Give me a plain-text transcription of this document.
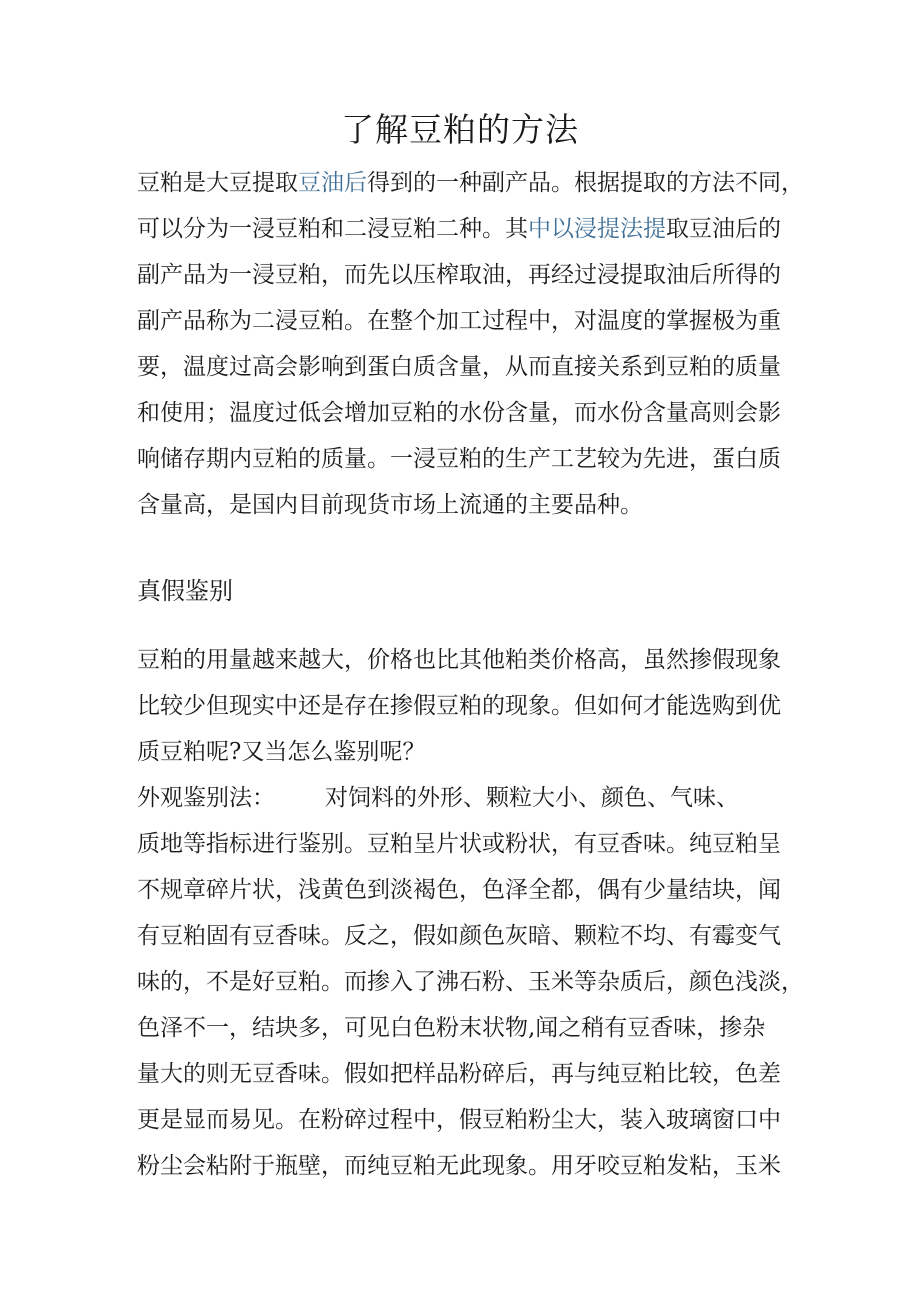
了解豆粕的方法
豆粕是大豆提取豆油后得到的一种副产品。根据提取的方法不同，
可以分为一浸豆粕和二浸豆粕二种。其中以浸提法提取豆油后的
副产品为一浸豆粕，而先以压榨取油，再经过浸提取油后所得的
副产品称为二浸豆粕。在整个加工过程中，对温度的掌握极为重
要，温度过高会影响到蛋白质含量，从而直接关系到豆粕的质量
和使用；温度过低会增加豆粕的水份含量，而水份含量高则会影
响储存期内豆粕的质量。一浸豆粕的生产工艺较为先进，蛋白质
含量高，是国内目前现货市场上流通的主要品种。
真假鉴别
豆粕的用量越来越大，价格也比其他粕类价格高，虽然掺假现象
比较少但现实中还是存在掺假豆粕的现象。但如何才能选购到优
质豆粕呢?又当怎么鉴别呢？
外观鉴别法： 对饲料的外形、颗粒大小、颜色、气味、
质地等指标进行鉴别。豆粕呈片状或粉状，有豆香味。纯豆粕呈
不规章碎片状，浅黄色到淡褐色，色泽全都，偶有少量结块，闻
有豆粕固有豆香味。反之，假如颜色灰暗、颗粒不均、有霉变气
味的，不是好豆粕。而掺入了沸石粉、玉米等杂质后，颜色浅淡，
色泽不一，结块多，可见白色粉末状物,闻之稍有豆香味，掺杂
量大的则无豆香味。假如把样品粉碎后，再与纯豆粕比较，色差
更是显而易见。在粉碎过程中，假豆粕粉尘大，装入玻璃窗口中
粉尘会粘附于瓶壁，而纯豆粕无此现象。用牙咬豆粕发粘，玉米
